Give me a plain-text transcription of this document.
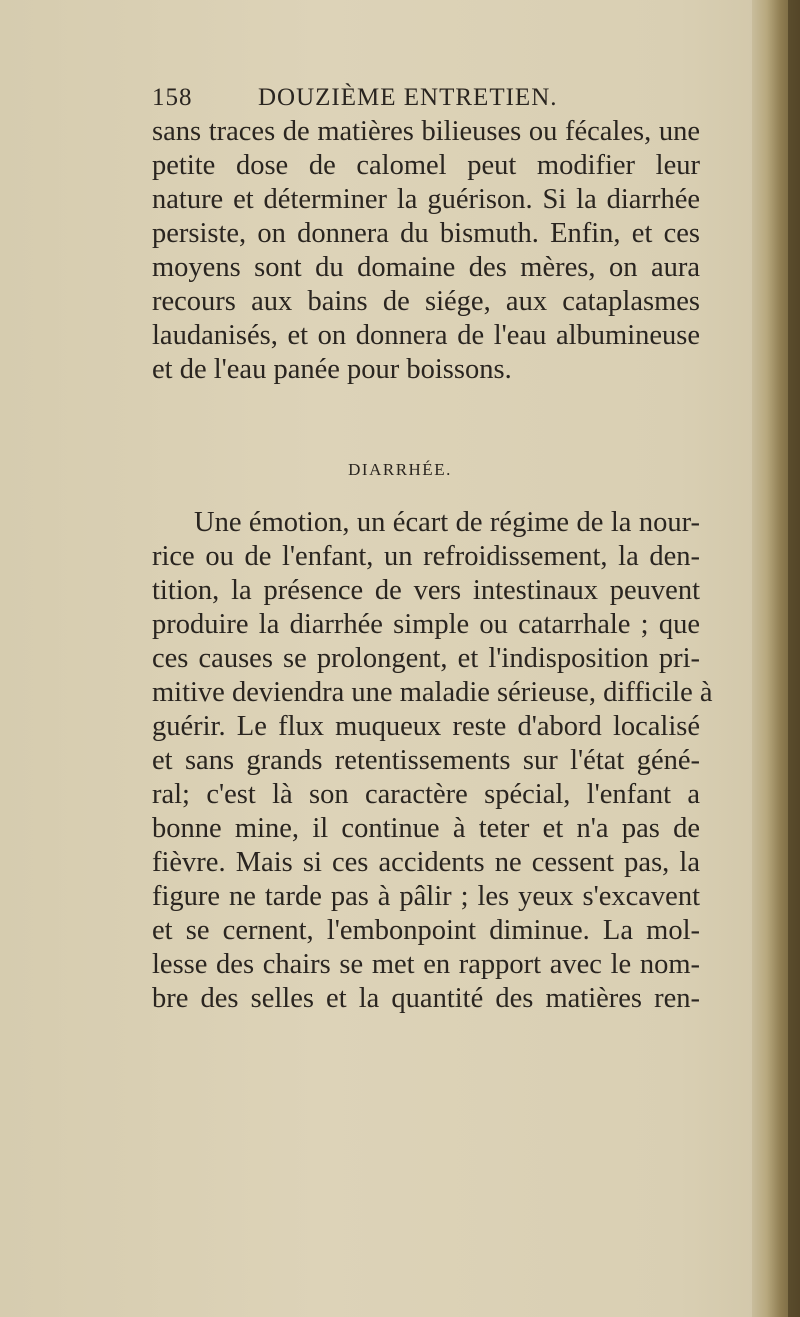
158	DOUZIÈME ENTRETIEN.
sans traces de matières bilieuses ou fécales, une
petite dose de calomel peut modifier leur
nature et déterminer la guérison. Si la diarrhée
persiste, on donnera du bismuth. Enfin, et ces
moyens sont du domaine des mères, on aura
recours aux bains de siége, aux cataplasmes
laudanisés, et on donnera de l'eau albumineuse
et de l'eau panée pour boissons.
DIARRHÉE.
Une émotion, un écart de régime de la nour-
rice ou de l'enfant, un refroidissement, la den-
tition, la présence de vers intestinaux peuvent
produire la diarrhée simple ou catarrhale ; que
ces causes se prolongent, et l'indisposition pri-
mitive deviendra une maladie sérieuse, difficile à
guérir. Le flux muqueux reste d'abord localisé
et sans grands retentissements sur l'état géné-
ral; c'est là son caractère spécial, l'enfant a
bonne mine, il continue à teter et n'a pas de
fièvre. Mais si ces accidents ne cessent pas, la
figure ne tarde pas à pâlir ; les yeux s'excavent
et se cernent, l'embonpoint diminue. La mol-
lesse des chairs se met en rapport avec le nom-
bre des selles et la quantité des matières ren-
